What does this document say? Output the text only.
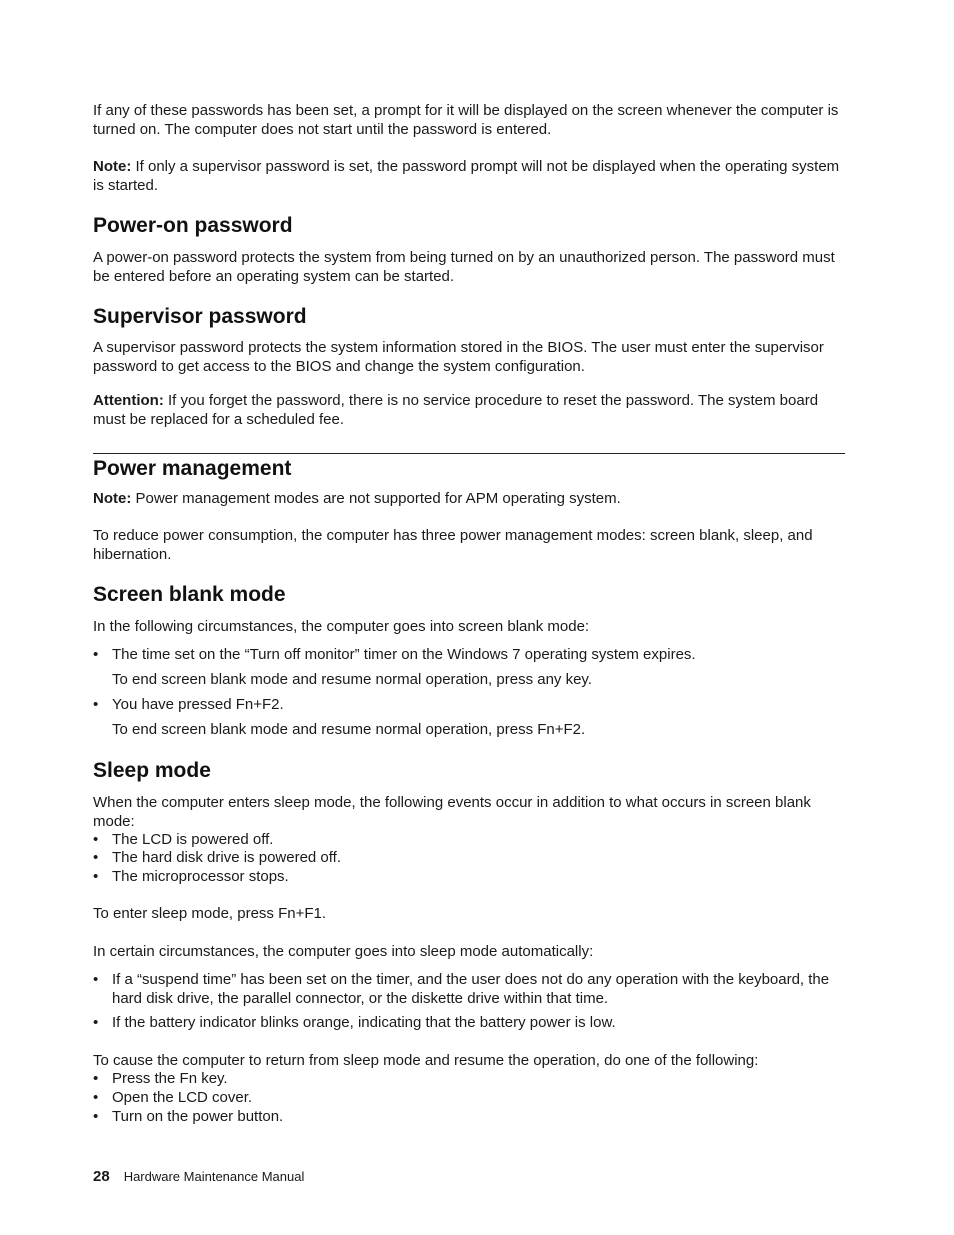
If any of these passwords has been set, a prompt for it will be displayed on the screen whenever the computer is turned on. The computer does not start until the password is entered.

Note: If only a supervisor password is set, the password prompt will not be displayed when the operating system is started.

Power-on password

A power-on password protects the system from being turned on by an unauthorized person. The password must be entered before an operating system can be started.

Supervisor password

A supervisor password protects the system information stored in the BIOS. The user must enter the supervisor password to get access to the BIOS and change the system configuration.

Attention: If you forget the password, there is no service procedure to reset the password. The system board must be replaced for a scheduled fee.

Power management

Note: Power management modes are not supported for APM operating system.

To reduce power consumption, the computer has three power management modes: screen blank, sleep, and hibernation.

Screen blank mode

In the following circumstances, the computer goes into screen blank mode:

• The time set on the “Turn off monitor” timer on the Windows 7 operating system expires.

To end screen blank mode and resume normal operation, press any key.

• You have pressed Fn+F2.

To end screen blank mode and resume normal operation, press Fn+F2.

Sleep mode

When the computer enters sleep mode, the following events occur in addition to what occurs in screen blank mode:

• The LCD is powered off.
• The hard disk drive is powered off.
• The microprocessor stops.

To enter sleep mode, press Fn+F1.

In certain circumstances, the computer goes into sleep mode automatically:

• If a “suspend time” has been set on the timer, and the user does not do any operation with the keyboard, the hard disk drive, the parallel connector, or the diskette drive within that time.
• If the battery indicator blinks orange, indicating that the battery power is low.

To cause the computer to return from sleep mode and resume the operation, do one of the following:

• Press the Fn key.
• Open the LCD cover.
• Turn on the power button.
28 Hardware Maintenance Manual
